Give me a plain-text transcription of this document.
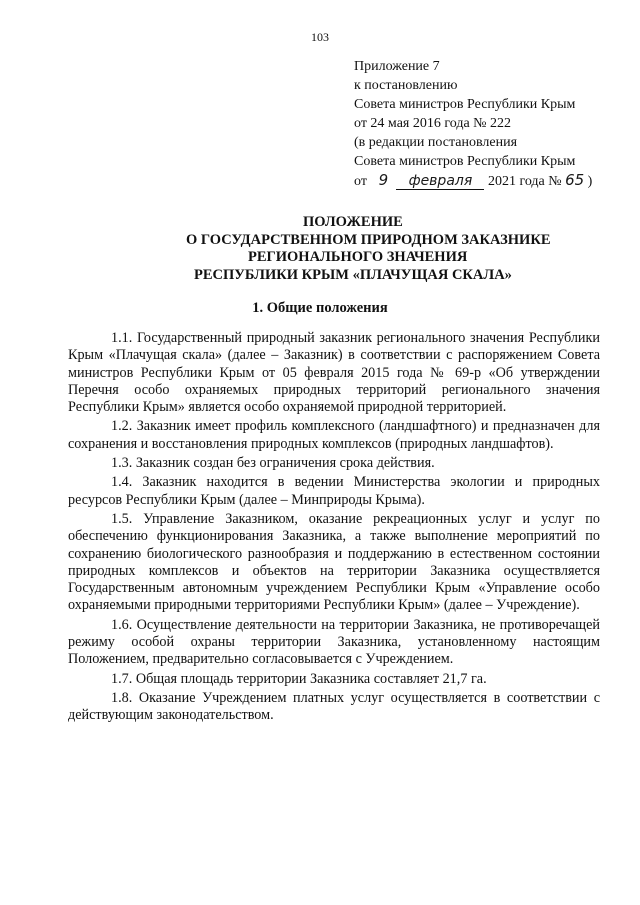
103
Приложение 7
к постановлению
Совета министров Республики Крым
от 24 мая 2016 года № 222
(в редакции постановления
Совета министров Республики Крым
от 9 февраля 2021 года № 65 )
ПОЛОЖЕНИЕ
О ГОСУДАРСТВЕННОМ ПРИРОДНОМ ЗАКАЗНИКЕ
РЕГИОНАЛЬНОГО ЗНАЧЕНИЯ
РЕСПУБЛИКИ КРЫМ «ПЛАЧУЩАЯ СКАЛА»
1. Общие положения

1.1. Государственный природный заказник регионального значения Республики Крым «Плачущая скала» (далее – Заказник) в соответствии с распоряжением Совета министров Республики Крым от 05 февраля 2015 года № 69-р «Об утверждении Перечня особо охраняемых природных территорий регионального значения Республики Крым» является особо охраняемой природной территорией.

1.2. Заказник имеет профиль комплексного (ландшафтного) и предназначен для сохранения и восстановления природных комплексов (природных ландшафтов).

1.3. Заказник создан без ограничения срока действия.

1.4. Заказник находится в ведении Министерства экологии и природных ресурсов Республики Крым (далее – Минприроды Крыма).

1.5. Управление Заказником, оказание рекреационных услуг и услуг по обеспечению функционирования Заказника, а также выполнение мероприятий по сохранению биологического разнообразия и поддержанию в естественном состоянии природных комплексов и объектов на территории Заказника осуществляется Государственным автономным учреждением Республики Крым «Управление особо охраняемыми природными территориями Республики Крым» (далее – Учреждение).

1.6. Осуществление деятельности на территории Заказника, не противоречащей режиму особой охраны территории Заказника, установленному настоящим Положением, предварительно согласовывается с Учреждением.

1.7. Общая площадь территории Заказника составляет 21,7 га.

1.8. Оказание Учреждением платных услуг осуществляется в соответствии с действующим законодательством.
